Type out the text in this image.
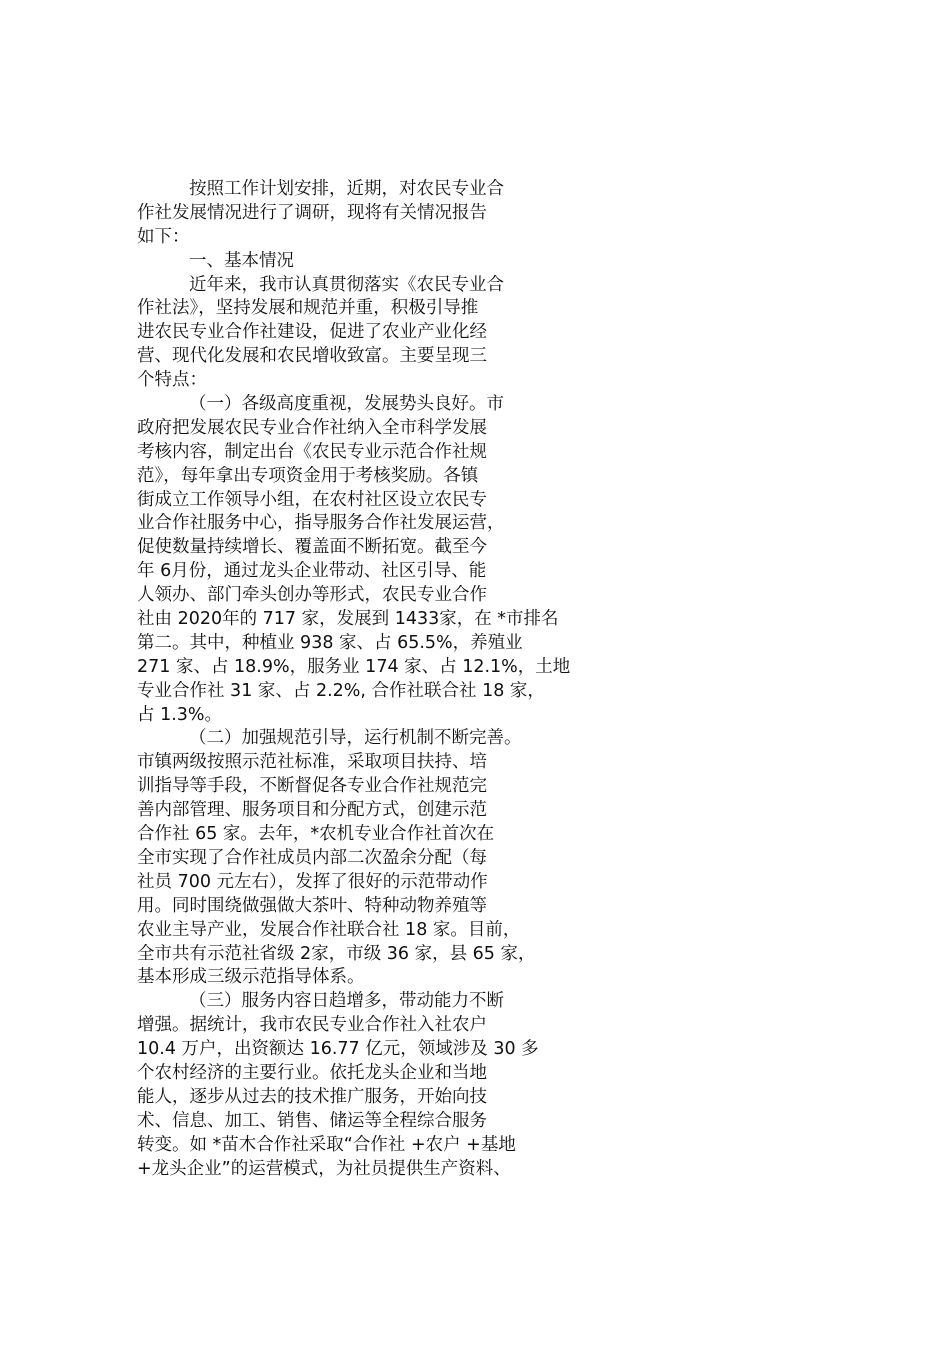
按照工作计划安排，近期，对农民专业合
作社发展情况进行了调研，现将有关情况报告
如下：
一、基本情况
近年来，我市认真贯彻落实《农民专业合
作社法》，坚持发展和规范并重，积极引导推
进农民专业合作社建设，促进了农业产业化经
营、现代化发展和农民增收致富。主要呈现三
个特点：
（一）各级高度重视，发展势头良好。市
政府把发展农民专业合作社纳入全市科学发展
考核内容，制定出台《农民专业示范合作社规
范》，每年拿出专项资金用于考核奖励。各镇
街成立工作领导小组，在农村社区设立农民专
业合作社服务中心，指导服务合作社发展运营，
促使数量持续增长、覆盖面不断拓宽。截至今
年 6月份，通过龙头企业带动、社区引导、能
人领办、部门牵头创办等形式，农民专业合作
社由 2020年的 717 家，发展到 1433家，在 *市排名
第二。其中，种植业 938 家、占 65.5%，养殖业
271 家、占 18.9%，服务业 174 家、占 12.1%，土地
专业合作社 31 家、占 2.2%, 合作社联合社 18 家，
占 1.3%。
（二）加强规范引导，运行机制不断完善。
市镇两级按照示范社标准，采取项目扶持、培
训指导等手段，不断督促各专业合作社规范完
善内部管理、服务项目和分配方式，创建示范
合作社 65 家。去年，*农机专业合作社首次在
全市实现了合作社成员内部二次盈余分配（每
社员 700 元左右），发挥了很好的示范带动作
用。同时围绕做强做大茶叶、特种动物养殖等
农业主导产业，发展合作社联合社 18 家。目前，
全市共有示范社省级 2家，市级 36 家，县 65 家，
基本形成三级示范指导体系。
（三）服务内容日趋增多，带动能力不断
增强。据统计，我市农民专业合作社入社农户
10.4 万户，出资额达 16.77 亿元，领域涉及 30 多
个农村经济的主要行业。依托龙头企业和当地
能人，逐步从过去的技术推广服务，开始向技
术、信息、加工、销售、储运等全程综合服务
转变。如 *苗木合作社采取“合作社 +农户 +基地
+龙头企业”的运营模式，为社员提供生产资料、
